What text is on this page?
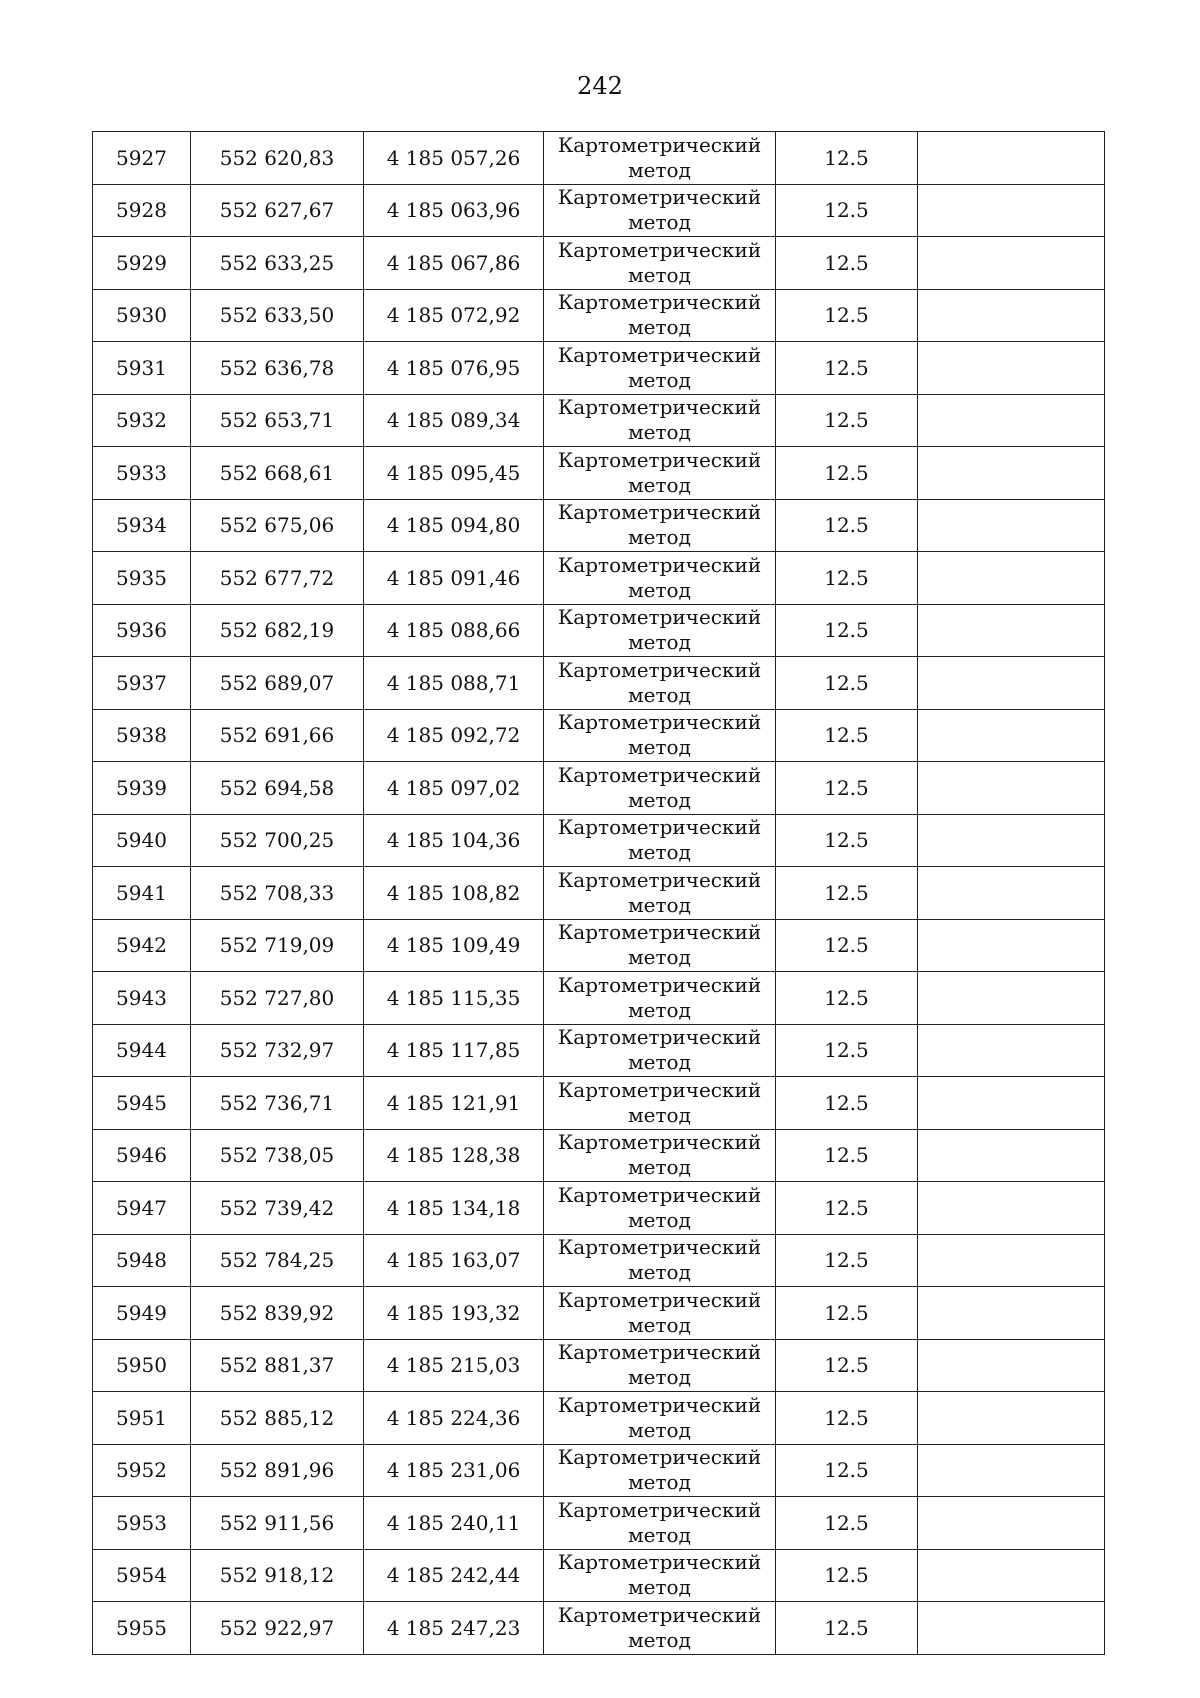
242
5927	552 620,83	4 185 057,26	Картометрический
метод	12.5	
5928	552 627,67	4 185 063,96	Картометрический
метод	12.5	
5929	552 633,25	4 185 067,86	Картометрический
метод	12.5	
5930	552 633,50	4 185 072,92	Картометрический
метод	12.5	
5931	552 636,78	4 185 076,95	Картометрический
метод	12.5	
5932	552 653,71	4 185 089,34	Картометрический
метод	12.5	
5933	552 668,61	4 185 095,45	Картометрический
метод	12.5	
5934	552 675,06	4 185 094,80	Картометрический
метод	12.5	
5935	552 677,72	4 185 091,46	Картометрический
метод	12.5	
5936	552 682,19	4 185 088,66	Картометрический
метод	12.5	
5937	552 689,07	4 185 088,71	Картометрический
метод	12.5	
5938	552 691,66	4 185 092,72	Картометрический
метод	12.5	
5939	552 694,58	4 185 097,02	Картометрический
метод	12.5	
5940	552 700,25	4 185 104,36	Картометрический
метод	12.5	
5941	552 708,33	4 185 108,82	Картометрический
метод	12.5	
5942	552 719,09	4 185 109,49	Картометрический
метод	12.5	
5943	552 727,80	4 185 115,35	Картометрический
метод	12.5	
5944	552 732,97	4 185 117,85	Картометрический
метод	12.5	
5945	552 736,71	4 185 121,91	Картометрический
метод	12.5	
5946	552 738,05	4 185 128,38	Картометрический
метод	12.5	
5947	552 739,42	4 185 134,18	Картометрический
метод	12.5	
5948	552 784,25	4 185 163,07	Картометрический
метод	12.5	
5949	552 839,92	4 185 193,32	Картометрический
метод	12.5	
5950	552 881,37	4 185 215,03	Картометрический
метод	12.5	
5951	552 885,12	4 185 224,36	Картометрический
метод	12.5	
5952	552 891,96	4 185 231,06	Картометрический
метод	12.5	
5953	552 911,56	4 185 240,11	Картометрический
метод	12.5	
5954	552 918,12	4 185 242,44	Картометрический
метод	12.5	
5955	552 922,97	4 185 247,23	Картометрический
метод	12.5	
